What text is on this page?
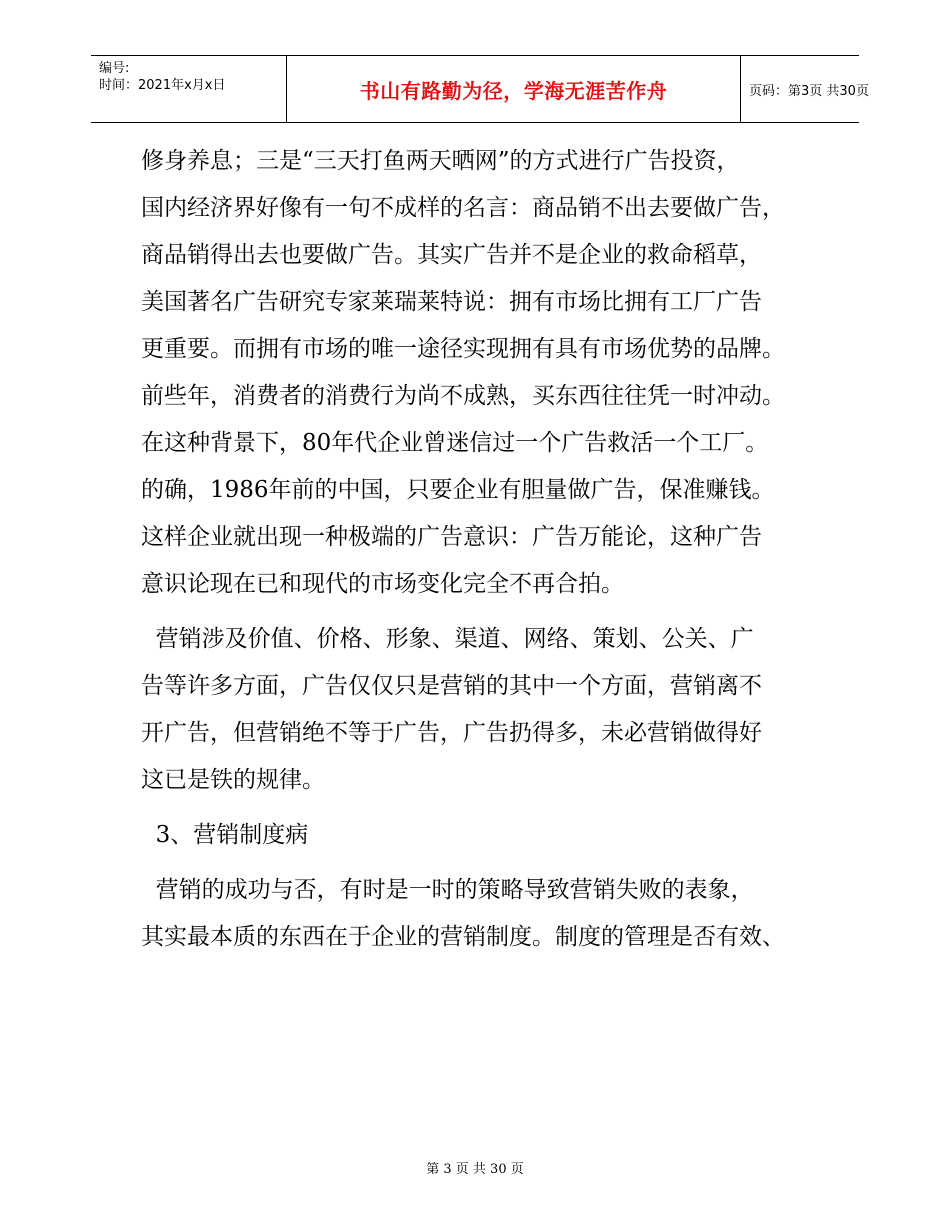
编号:
时间：2021年x月x日	书山有路勤为径，学海无涯苦作舟	页码：第3页 共30页

修身养息；三是“三天打鱼两天晒网”的方式进行广告投资，

国内经济界好像有一句不成样的名言：商品销不出去要做广告，

商品销得出去也要做广告。其实广告并不是企业的救命稻草，

美国著名广告研究专家莱瑞莱特说：拥有市场比拥有工厂广告

更重要。而拥有市场的唯一途径实现拥有具有市场优势的品牌。

前些年，消费者的消费行为尚不成熟，买东西往往凭一时冲动。

在这种背景下，80年代企业曾迷信过一个广告救活一个工厂。

的确，1986年前的中国，只要企业有胆量做广告，保准赚钱。

这样企业就出现一种极端的广告意识：广告万能论，这种广告

意识论现在已和现代的市场变化完全不再合拍。

营销涉及价值、价格、形象、渠道、网络、策划、公关、广

告等许多方面，广告仅仅只是营销的其中一个方面，营销离不

开广告，但营销绝不等于广告，广告扔得多，未必营销做得好

这已是铁的规律。

3、营销制度病

营销的成功与否，有时是一时的策略导致营销失败的表象，

其实最本质的东西在于企业的营销制度。制度的管理是否有效、

第 3 页 共 30 页
